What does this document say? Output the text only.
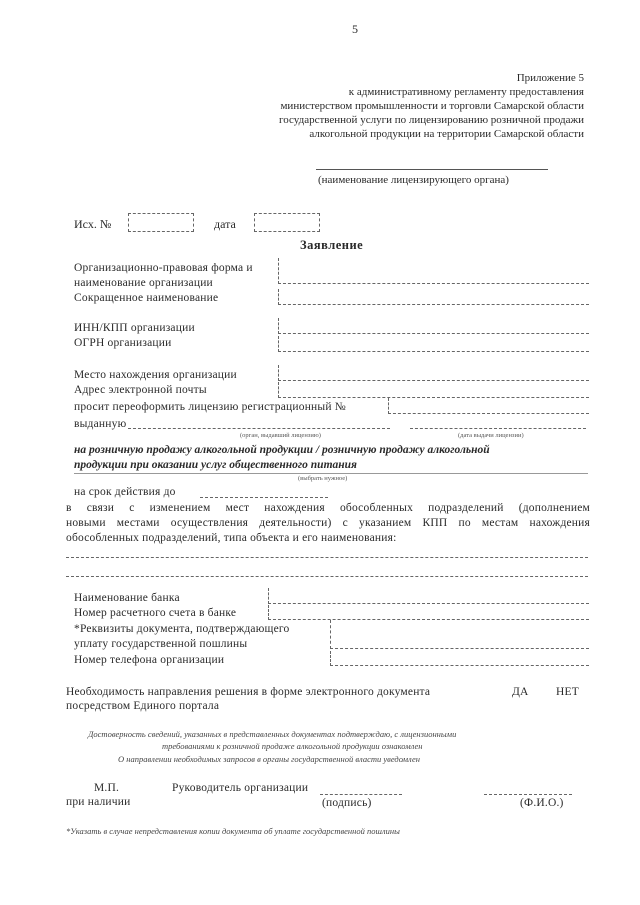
5
Приложение 5
к административному регламенту предоставления
министерством промышленности и торговли Самарской области
государственной услуги по лицензированию розничной продажи
алкогольной продукции на территории Самарской области
(наименование лицензирующего органа)
Исх. №	дата
Заявление
Организационно-правовая форма и
наименование организации
Сокращенное наименование
ИНН/КПП организации
ОГРН организации
Место нахождения организации
Адрес электронной почты
просит переоформить лицензию регистрационный №
выданную
(орган, выдавший лицензию)	(дата выдачи лицензии)
на розничную продажу алкогольной продукции / розничную продажу алкогольной
продукции при оказании услуг общественного питания
(выбрать нужное)
на срок действия до
в связи с изменением мест нахождения обособленных подразделений (дополнением
новыми местами осуществления деятельности) с указанием КПП по местам нахождения
обособленных подразделений, типа объекта и его наименования:
Наименование банка
Номер расчетного счета в банке
*Реквизиты документа, подтверждающего
уплату государственной пошлины
Номер телефона организации
Необходимость направления решения в форме электронного документа
посредством Единого портала
ДА НЕТ
Достоверность сведений, указанных в представленных документах подтверждаю, с лицензионными
требованиями к розничной продаже алкогольной продукции ознакомлен
О направлении необходимых запросов в органы государственной власти уведомлен
М.П.
при наличии
Руководитель организации
(подпись)	(Ф.И.О.)
*Указать в случае непредставления копии документа об уплате государственной пошлины
